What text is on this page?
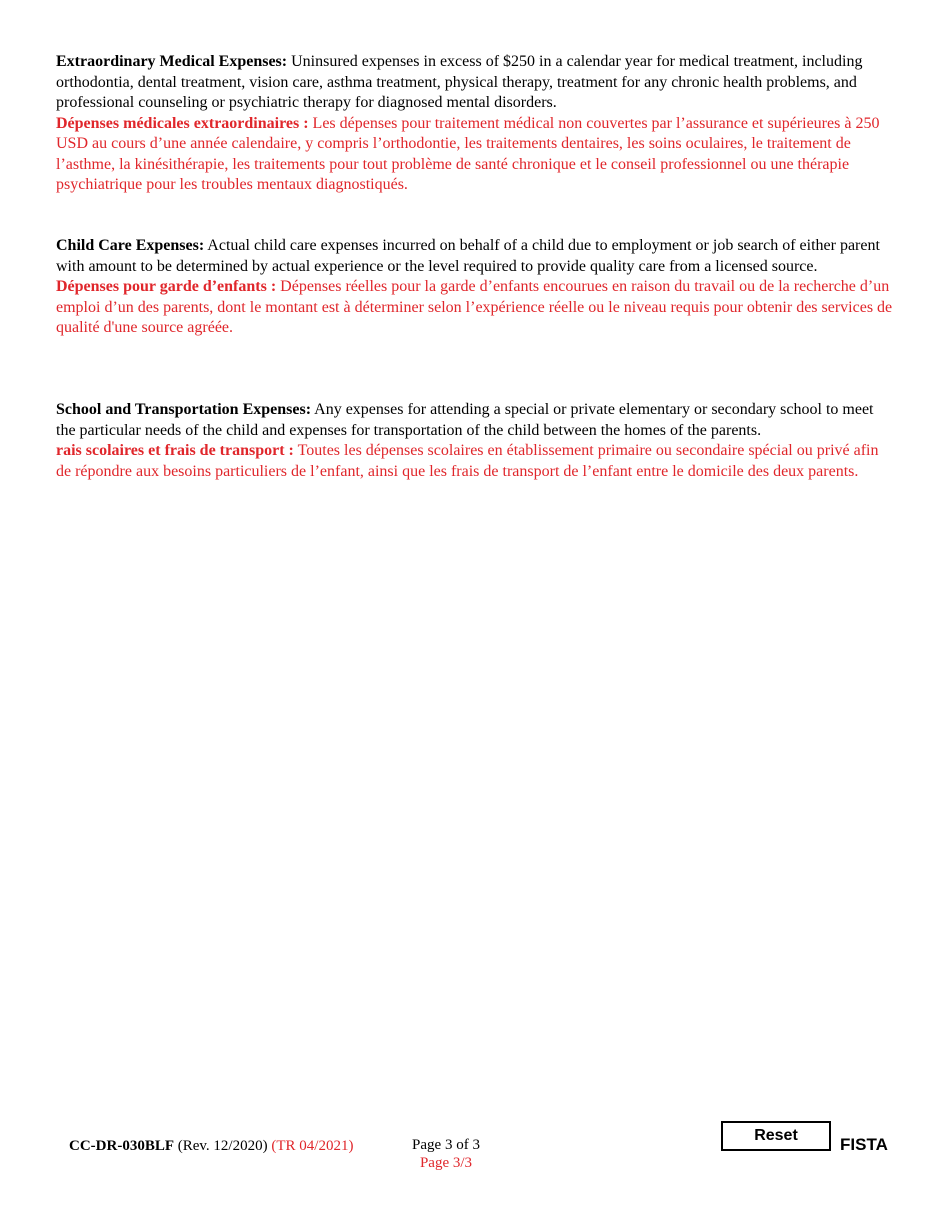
Extraordinary Medical Expenses: Uninsured expenses in excess of $250 in a calendar year for medical treatment, including orthodontia, dental treatment, vision care, asthma treatment, physical therapy, treatment for any chronic health problems, and professional counseling or psychiatric therapy for diagnosed mental disorders.
Dépenses médicales extraordinaires : Les dépenses pour traitement médical non couvertes par l’assurance et supérieures à 250 USD au cours d’une année calendaire, y compris l’orthodontie, les traitements dentaires, les soins oculaires, le traitement de l’asthme, la kinésithérapie, les traitements pour tout problème de santé chronique et le conseil professionnel ou une thérapie psychiatrique pour les troubles mentaux diagnostiqués.
Child Care Expenses: Actual child care expenses incurred on behalf of a child due to employment or job search of either parent with amount to be determined by actual experience or the level required to provide quality care from a licensed source.
Dépenses pour garde d’enfants : Dépenses réelles pour la garde d’enfants encourues en raison du travail ou de la recherche d’un emploi d’un des parents, dont le montant est à déterminer selon l’expérience réelle ou le niveau requis pour obtenir des services de qualité d'une source agréée.
School and Transportation Expenses: Any expenses for attending a special or private elementary or secondary school to meet the particular needs of the child and expenses for transportation of the child between the homes of the parents.
rais scolaires et frais de transport : Toutes les dépenses scolaires en établissement primaire ou secondaire spécial ou privé afin de répondre aux besoins particuliers de l’enfant, ainsi que les frais de transport de l’enfant entre le domicile des deux parents.
CC-DR-030BLF (Rev. 12/2020) (TR 04/2021)	Page 3 of 3
Page 3/3
Reset	FISTA
